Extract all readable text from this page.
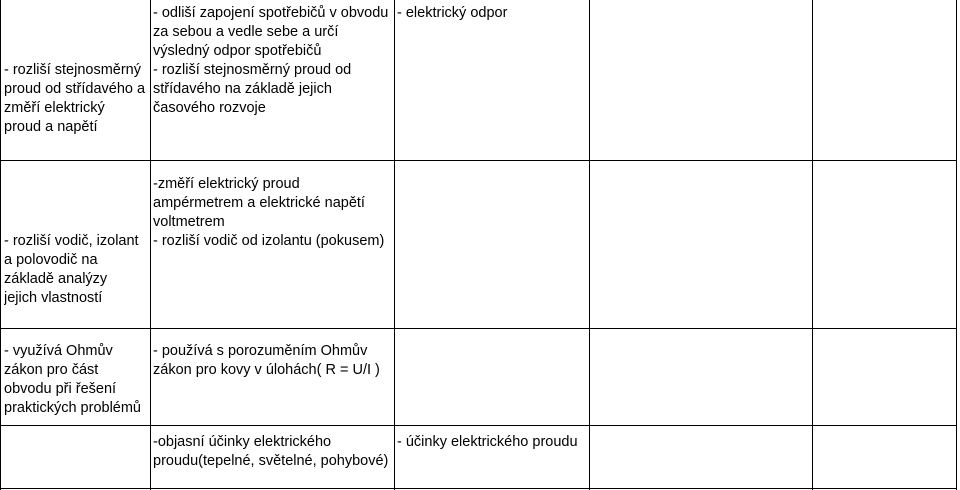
- odliší zapojení spotřebičů v obvodu
za sebou a vedle sebe a určí
výsledný odpor spotřebičů
- elektrický odpor
- rozliší stejnosměrný
proud od střídavého a
změří elektrický
proud a napětí
- rozliší stejnosměrný proud od
střídavého na základě jejich
časového rozvoje
- rozliší vodič, izolant
a polovodič na
základě analýzy
jejich vlastností
-změří elektrický proud
ampérmetrem a elektrické napětí
voltmetrem
- rozliší vodič od izolantu (pokusem)
- využívá Ohmův
zákon pro část
obvodu při řešení
praktických problémů
- používá s porozuměním Ohmův
zákon pro kovy v úlohách( R = U/I )
-objasní účinky elektrického
proudu(tepelné, světelné, pohybové)
- účinky elektrického proudu
